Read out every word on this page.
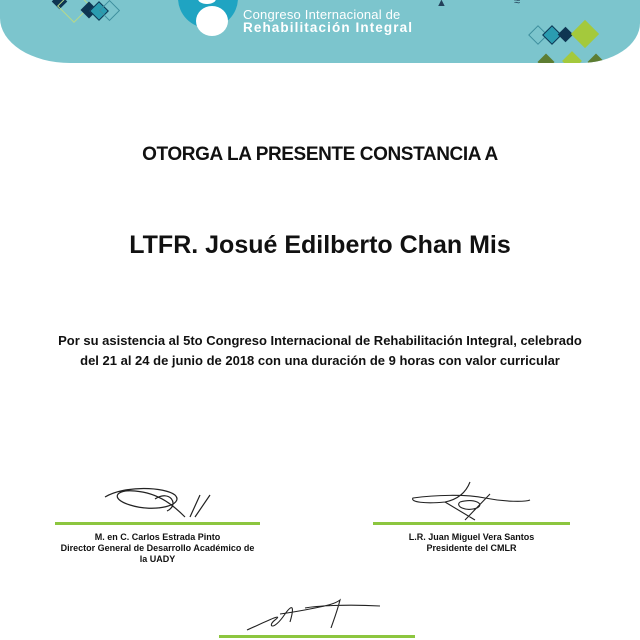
Congreso Internacional de
Rehabilitación Integral
▲	≈
OTORGA LA PRESENTE CONSTANCIA A
LTFR. Josué Edilberto Chan Mis
Por su asistencia al 5to Congreso Internacional de Rehabilitación Integral, celebrado
del 21 al 24 de junio de 2018 con una duración de 9 horas con valor curricular
M. en C. Carlos Estrada Pinto
Director General de Desarrollo Académico de
la UADY
L.R. Juan Miguel Vera Santos
Presidente del CMLR
